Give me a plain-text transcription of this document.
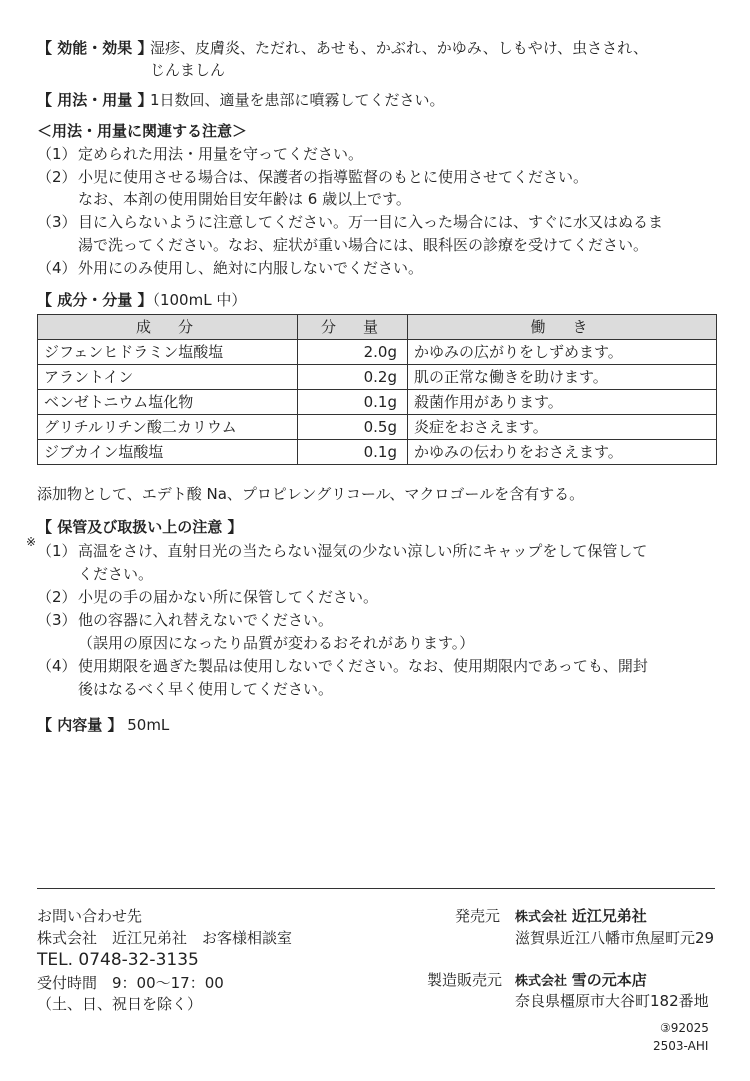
【 効能・効果 】
湿疹、皮膚炎、ただれ、あせも、かぶれ、かゆみ、しもやけ、虫さされ、
じんましん
【 用法・用量 】
1日数回、適量を患部に噴霧してください。
＜用法・用量に関連する注意＞
（1） 定められた用法・用量を守ってください。
（2） 小児に使用させる場合は、保護者の指導監督のもとに使用させてください。
なお、本剤の使用開始目安年齢は 6 歳以上です。
（3） 目に入らないように注意してください。万一目に入った場合には、すぐに水又はぬるま
湯で洗ってください。なお、症状が重い場合には、眼科医の診療を受けてください。
（4） 外用にのみ使用し、絶対に内服しないでください。
【 成分・分量 】（100mL 中）
成　分	分　量	働　き
ジフェンヒドラミン塩酸塩	2.0g	かゆみの広がりをしずめます。
アラントイン	0.2g	肌の正常な働きを助けます。
ベンゼトニウム塩化物	0.1g	殺菌作用があります。
グリチルリチン酸二カリウム	0.5g	炎症をおさえます。
ジブカイン塩酸塩	0.1g	かゆみの伝わりをおさえます。
添加物として、エデト酸 Na、プロピレングリコール、マクロゴールを含有する。
【 保管及び取扱い上の注意 】
※ （1） 高温をさけ、直射日光の当たらない湿気の少ない涼しい所にキャップをして保管して
ください。
（2） 小児の手の届かない所に保管してください。
（3） 他の容器に入れ替えないでください。
（誤用の原因になったり品質が変わるおそれがあります。）
（4） 使用期限を過ぎた製品は使用しないでください。なお、使用期限内であっても、開封
後はなるべく早く使用してください。
【 内容量 】 50mL
お問い合わせ先
株式会社　近江兄弟社　お客様相談室
TEL. 0748-32-3135
受付時間　9：00～17：00
（土、日、祝日を除く）
発売元 株式会社 近江兄弟社
滋賀県近江八幡市魚屋町元29
製造販売元 株式会社 雪の元本店
奈良県橿原市大谷町182番地
③92025
2503-AHI
